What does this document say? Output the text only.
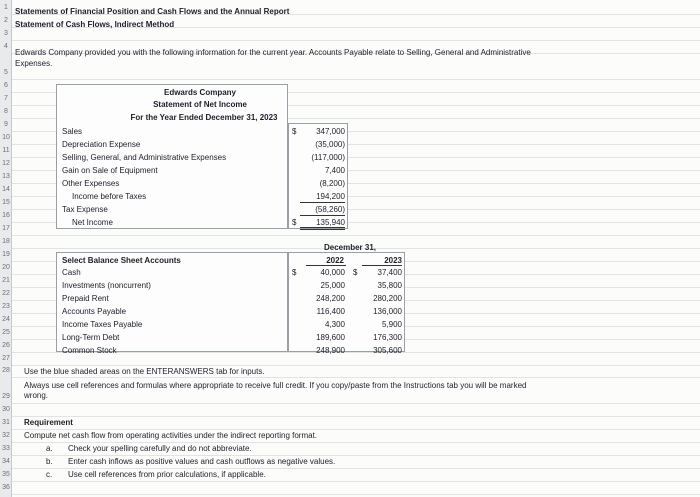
1
2
3
4
5
6
7
8
9
10
11
12
13
14
15
16
17
18
19
20
21
22
23
24
25
26
27
28
29
30
31
32
33
34
35
36
Statements of Financial Position and Cash Flows and the Annual Report
Statement of Cash Flows, Indirect Method
Edwards Company provided you with the following information for the current year. Accounts Payable relate to Selling, General and Administrative
Expenses.
Edwards Company
Statement of Net Income
For the Year Ended December 31, 2023
Sales	$	347,000
Depreciation Expense	(35,000)
Selling, General, and Administrative Expenses	(117,000)
Gain on Sale of Equipment	7,400
Other Expenses	(8,200)
Income before Taxes	194,200
Tax Expense	(58,260)
Net Income	$	135,940
December 31,
Select Balance Sheet Accounts	2022	2023
Cash	$	40,000 $	37,400
Investments (noncurrent)	25,000	35,800
Prepaid Rent	248,200	280,200
Accounts Payable	116,400	136,000
Income Taxes Payable	4,300	5,900
Long-Term Debt	189,600	176,300
Common Stock	248,900	305,600
Use the blue shaded areas on the ENTERANSWERS tab for inputs.
Always use cell references and formulas where appropriate to receive full credit. If you copy/paste from the Instructions tab you will be marked
wrong.
Requirement
Compute net cash flow from operating activities under the indirect reporting format.
a. Check your spelling carefully and do not abbreviate.
b. Enter cash inflows as positive values and cash outflows as negative values.
c. Use cell references from prior calculations, if applicable.
